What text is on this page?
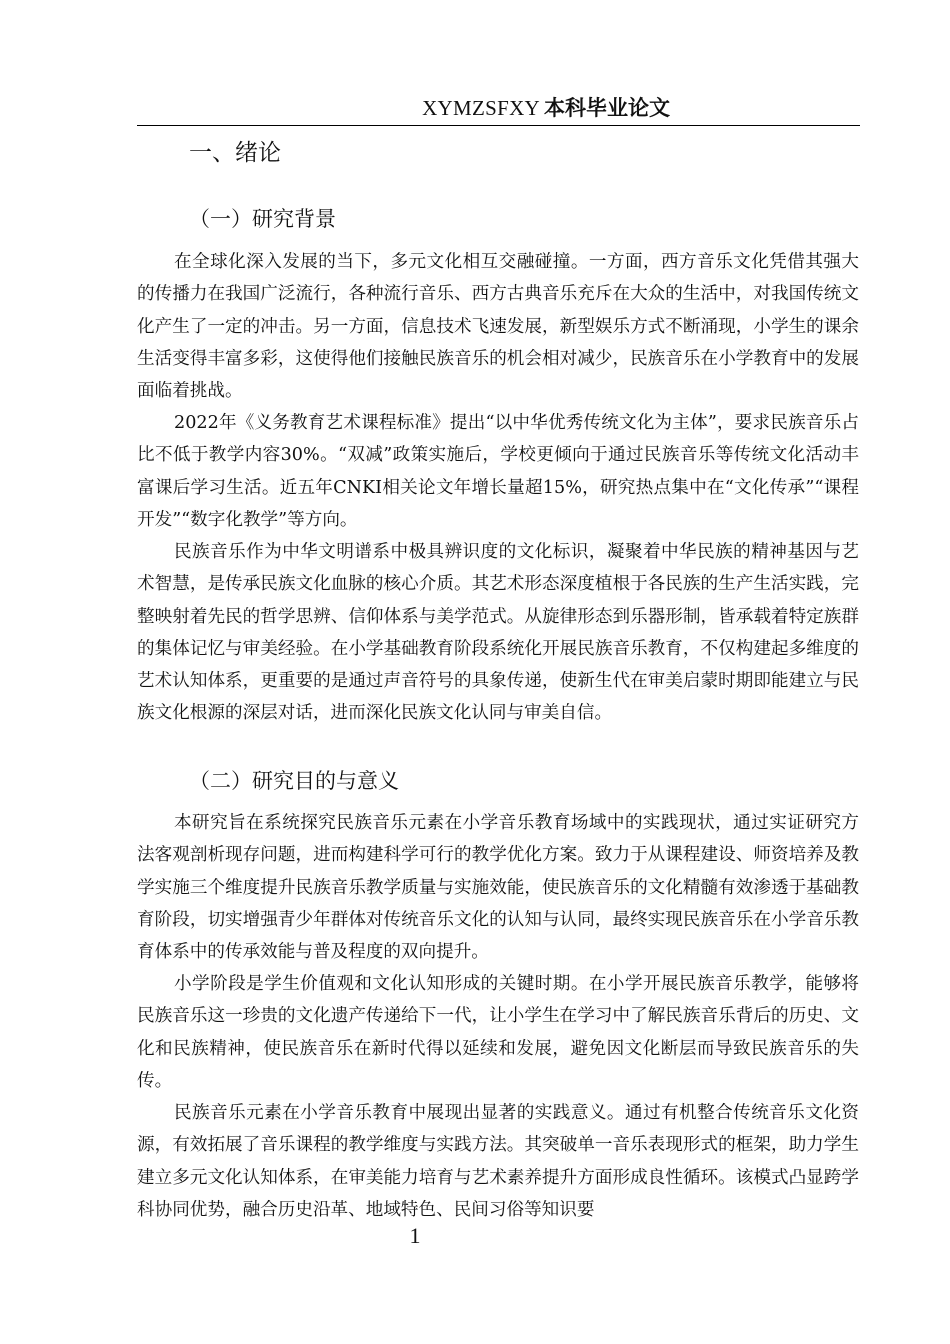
XYMZSFXY 本科毕业论文
一、绪论
（一）研究背景

在全球化深入发展的当下，多元文化相互交融碰撞。一方面，西方音乐文化凭借其强大的传播力在我国广泛流行，各种流行音乐、西方古典音乐充斥在大众的生活中，对我国传统文化产生了一定的冲击。另一方面，信息技术飞速发展，新型娱乐方式不断涌现，小学生的课余生活变得丰富多彩，这使得他们接触民族音乐的机会相对减少，民族音乐在小学教育中的发展面临着挑战。

2022年《义务教育艺术课程标准》提出“以中华优秀传统文化为主体”，要求民族音乐占比不低于教学内容30%。“双减”政策实施后，学校更倾向于通过民族音乐等传统文化活动丰富课后学习生活。近五年CNKI相关论文年增长量超15%，研究热点集中在“文化传承”“课程开发”“数字化教学”等方向。

民族音乐作为中华文明谱系中极具辨识度的文化标识，凝聚着中华民族的精神基因与艺术智慧，是传承民族文化血脉的核心介质。其艺术形态深度植根于各民族的生产生活实践，完整映射着先民的哲学思辨、信仰体系与美学范式。从旋律形态到乐器形制，皆承载着特定族群的集体记忆与审美经验。在小学基础教育阶段系统化开展民族音乐教育，不仅构建起多维度的艺术认知体系，更重要的是通过声音符号的具象传递，使新生代在审美启蒙时期即能建立与民族文化根源的深层对话，进而深化民族文化认同与审美自信。

（二）研究目的与意义

本研究旨在系统探究民族音乐元素在小学音乐教育场域中的实践现状，通过实证研究方法客观剖析现存问题，进而构建科学可行的教学优化方案。致力于从课程建设、师资培养及教学实施三个维度提升民族音乐教学质量与实施效能，使民族音乐的文化精髓有效渗透于基础教育阶段，切实增强青少年群体对传统音乐文化的认知与认同，最终实现民族音乐在小学音乐教育体系中的传承效能与普及程度的双向提升。

小学阶段是学生价值观和文化认知形成的关键时期。在小学开展民族音乐教学，能够将民族音乐这一珍贵的文化遗产传递给下一代，让小学生在学习中了解民族音乐背后的历史、文化和民族精神，使民族音乐在新时代得以延续和发展，避免因文化断层而导致民族音乐的失传。

民族音乐元素在小学音乐教育中展现出显著的实践意义。通过有机整合传统音乐文化资源，有效拓展了音乐课程的教学维度与实践方法。其突破单一音乐表现形式的框架，助力学生建立多元文化认知体系，在审美能力培育与艺术素养提升方面形成良性循环。该模式凸显跨学科协同优势，融合历史沿革、地域特色、民间习俗等知识要

1
